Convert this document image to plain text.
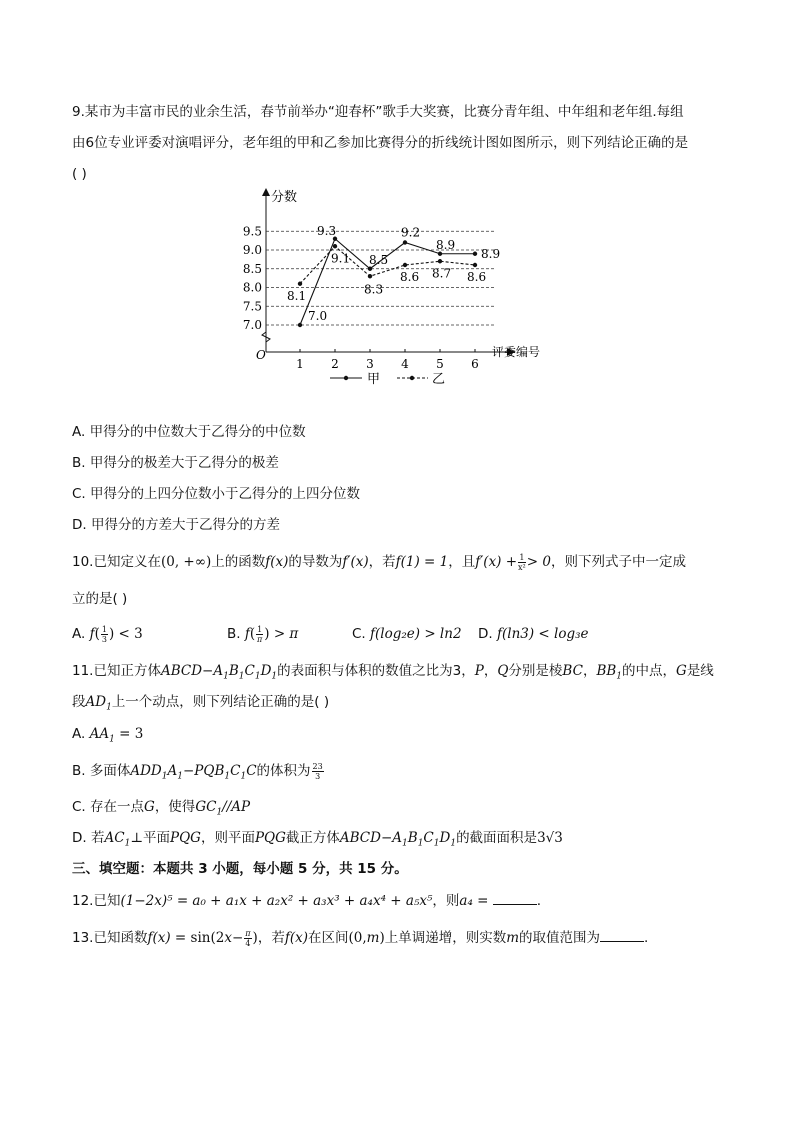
9.某市为丰富市民的业余生活，春节前举办“迎春杯”歌手大奖赛，比赛分青年组、中年组和老年组.每组
由6位专业评委对演唱评分，老年组的甲和乙参加比赛得分的折线统计图如图所示，则下列结论正确的是
( )
O
分数
评委编号
7.0
7.5
8.0
8.5
9.0
9.5
1 2 3 4 5 6
7.0
9.3
8.5
9.2
8.9
8.9
8.1
9.1
8.3
8.6 8.7 8.6
甲	乙
A. 甲得分的中位数大于乙得分的中位数
B. 甲得分的极差大于乙得分的极差
C. 甲得分的上四分位数小于乙得分的上四分位数
D. 甲得分的方差大于乙得分的方差
10.已知定义在(0, +∞)上的函数f(x)的导数为f′(x)，若f(1) = 1，且$f'(x) + \frac{1}{\text{x²}} > 0$，则下列式子中一定成
立的是( )
A. $f( \frac{1}{3}$ ) < 3	B. $f( \frac{1}{\pi}$ ) > π	C. f(log₂e) > ln2 D. f(ln3) < log₃e
11.已知正方体$ABCD-A_1B_1C_1D_1$的表面积与体积的数值之比为3，P，Q分别是棱BC，$BB_1$的中点，G是线
段$AD_1$上一个动点，则下列结论正确的是( )
A. $AA_1 = 3$
B. 多面体$ADD_1A_1-PQB_1C_1C$的体积为 $\frac{23}{3}$
C. 存在一点G，使得$GC_1//AP$
D. 若$AC_1\perp$平面PQG，则平面PQG截正方体$ABCD-A_1B_1C_1D_1$的截面面积是3√3
三、填空题：本题共 3 小题，每小题 5 分，共 15 分。
12.已知(1−2x)⁵ = a₀ + a₁x + a₂x² + a₃x³ + a₄x⁴ + a₅x⁵，则a₄ =	.
13.已知函数$f(x) = \sin(2x- \frac{\pi}{4}$ )，若f(x)在区间(0,m)上单调递增，则实数m的取值范围为	.
